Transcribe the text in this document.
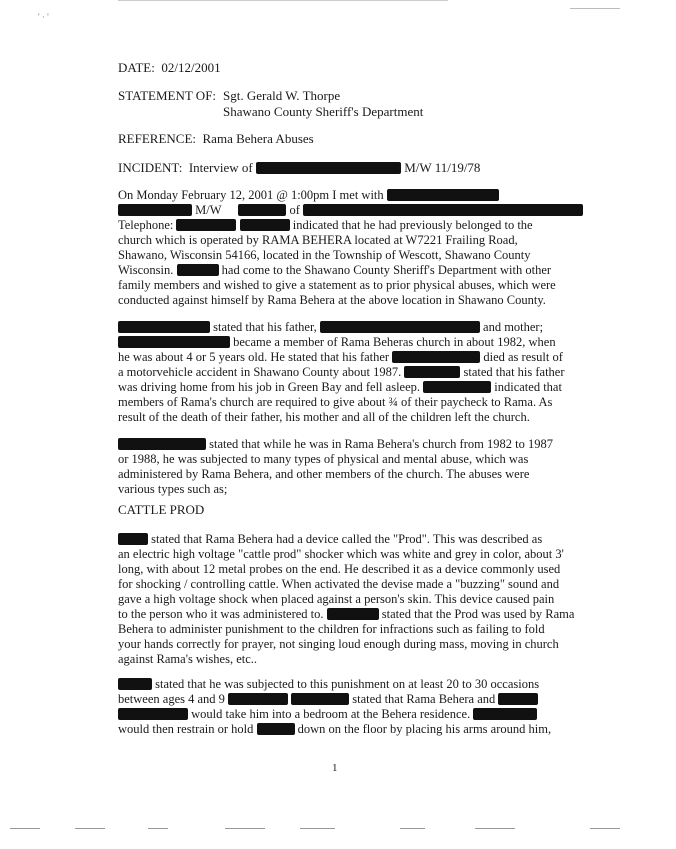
' · '
DATE: 02/12/2001
STATEMENT OF: Sgt. Gerald W. Thorpe
Shawano County Sheriff's Department
REFERENCE: Rama Behera Abuses
INCIDENT: Interview of	M/W 11/19/78
On Monday February 12, 2001 @ 1:00pm I met with
M/W	of
Telephone:	indicated that he had previously belonged to the
church which is operated by RAMA BEHERA located at W7221 Frailing Road,
Shawano, Wisconsin 54166, located in the Township of Wescott, Shawano County
Wisconsin.	had come to the Shawano County Sheriff's Department with other
family members and wished to give a statement as to prior physical abuses, which were
conducted against himself by Rama Behera at the above location in Shawano County.
stated that his father,	and mother;
became a member of Rama Beheras church in about 1982, when
he was about 4 or 5 years old. He stated that his father	died as result of
a motorvehicle accident in Shawano County about 1987.	stated that his father
was driving home from his job in Green Bay and fell asleep.	indicated that
members of Rama's church are required to give about ¾ of their paycheck to Rama. As
result of the death of their father, his mother and all of the children left the church.
stated that while he was in Rama Behera's church from 1982 to 1987
or 1988, he was subjected to many types of physical and mental abuse, which was
administered by Rama Behera, and other members of the church. The abuses were
various types such as;
CATTLE PROD
stated that Rama Behera had a device called the "Prod". This was described as
an electric high voltage "cattle prod" shocker which was white and grey in color, about 3'
long, with about 12 metal probes on the end. He described it as a device commonly used
for shocking / controlling cattle. When activated the devise made a "buzzing" sound and
gave a high voltage shock when placed against a person's skin. This device caused pain
to the person who it was administered to.	stated that the Prod was used by Rama
Behera to administer punishment to the children for infractions such as failing to fold
your hands correctly for prayer, not singing loud enough during mass, moving in church
against Rama's wishes, etc..
stated that he was subjected to this punishment on at least 20 to 30 occasions
between ages 4 and 9	stated that Rama Behera and
would take him into a bedroom at the Behera residence.
would then restrain or hold	down on the floor by placing his arms around him,
1
